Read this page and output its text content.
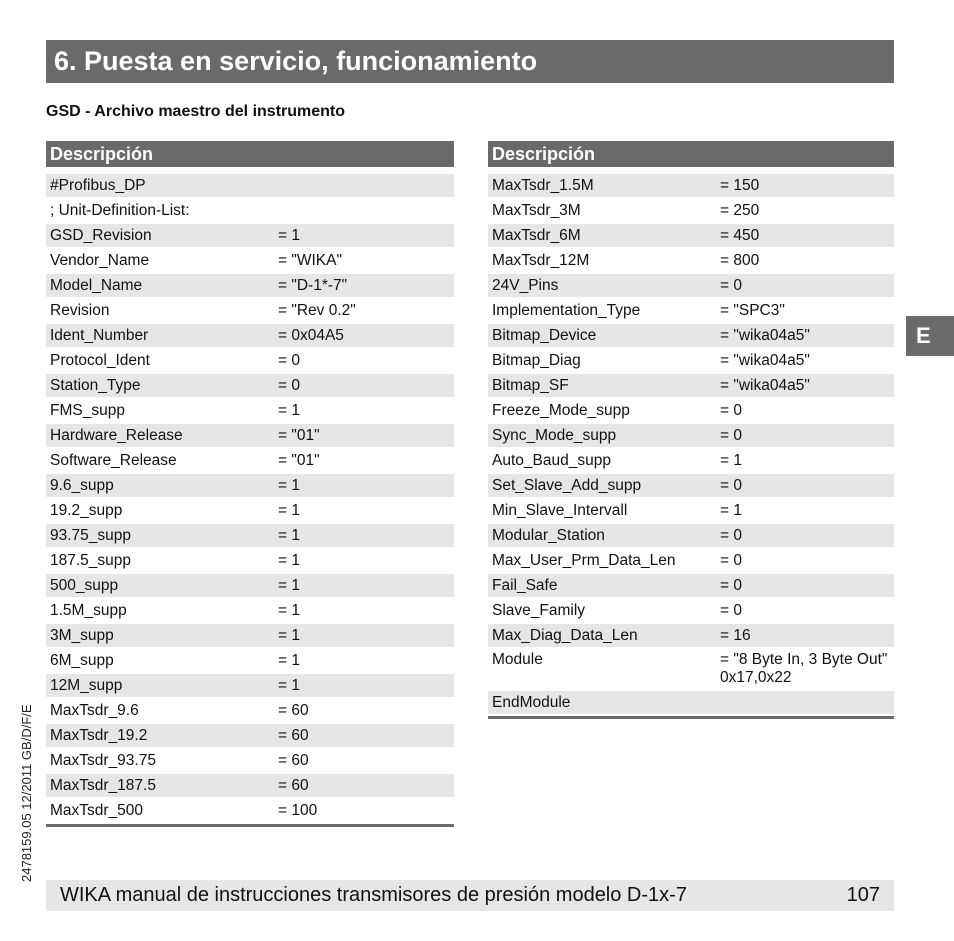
6. Puesta en servicio, funcionamiento
GSD - Archivo maestro del instrumento
Descripción
#Profibus_DP
; Unit-Definition-List:
GSD_Revision	= 1
Vendor_Name	= "WIKA"
Model_Name	= "D-1*-7"
Revision	= "Rev 0.2"
Ident_Number	= 0x04A5
Protocol_Ident	= 0
Station_Type	= 0
FMS_supp	= 1
Hardware_Release	= "01"
Software_Release	= "01"
9.6_supp	= 1
19.2_supp	= 1
93.75_supp	= 1
187.5_supp	= 1
500_supp	= 1
1.5M_supp	= 1
3M_supp	= 1
6M_supp	= 1
12M_supp	= 1
MaxTsdr_9.6	= 60
MaxTsdr_19.2	= 60
MaxTsdr_93.75	= 60
MaxTsdr_187.5	= 60
MaxTsdr_500	= 100
Descripción
MaxTsdr_1.5M	= 150
MaxTsdr_3M	= 250
MaxTsdr_6M	= 450
MaxTsdr_12M	= 800
24V_Pins	= 0
Implementation_Type	= "SPC3"
Bitmap_Device	= "wika04a5"
Bitmap_Diag	= "wika04a5"
Bitmap_SF	= "wika04a5"
Freeze_Mode_supp	= 0
Sync_Mode_supp	= 0
Auto_Baud_supp	= 1
Set_Slave_Add_supp	= 0
Min_Slave_Intervall	= 1
Modular_Station	= 0
Max_User_Prm_Data_Len	= 0
Fail_Safe	= 0
Slave_Family	= 0
Max_Diag_Data_Len	= 16
Module	= "8 Byte In, 3 Byte Out" 0x17,0x22
EndModule
E
2478159.05 12/2011 GB/D/F/E
WIKA manual de instrucciones transmisores de presión modelo D-1x-7	107
